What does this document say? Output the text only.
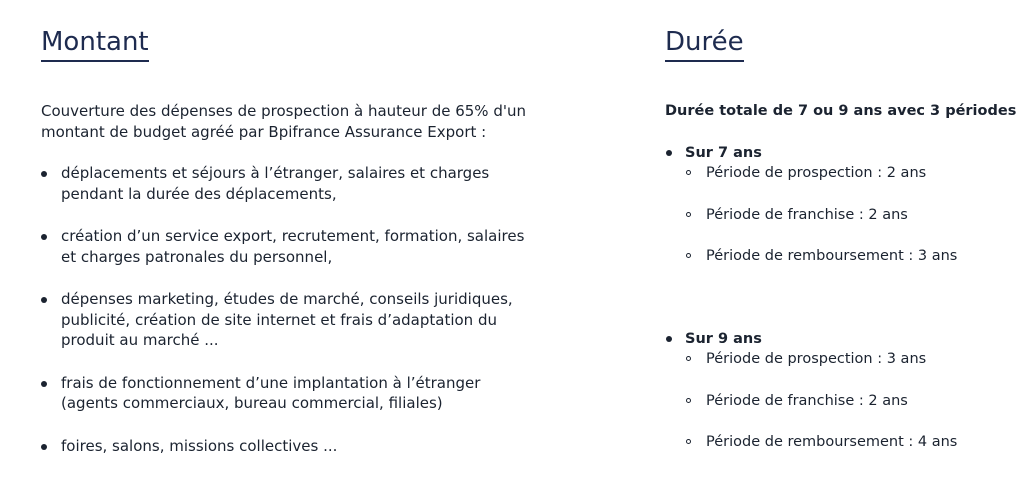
Montant

Couverture des dépenses de prospection à hauteur de 65% d'un montant de budget agréé par Bpifrance Assurance Export :

déplacements et séjours à l’étranger, salaires et charges pendant la durée des déplacements,
création d’un service export, recrutement, formation, salaires et charges patronales du personnel,
dépenses marketing, études de marché, conseils juridiques, publicité, création de site internet et frais d’adaptation du produit au marché ...
frais de fonctionnement d’une implantation à l’étranger (agents commerciaux, bureau commercial, filiales)
foires, salons, missions collectives ...
Durée

Durée totale de 7 ou 9 ans avec 3 périodes

Sur 7 ans
Période de prospection : 2 ans
Période de franchise : 2 ans
Période de remboursement : 3 ans
Sur 9 ans
Période de prospection : 3 ans
Période de franchise : 2 ans
Période de remboursement : 4 ans
